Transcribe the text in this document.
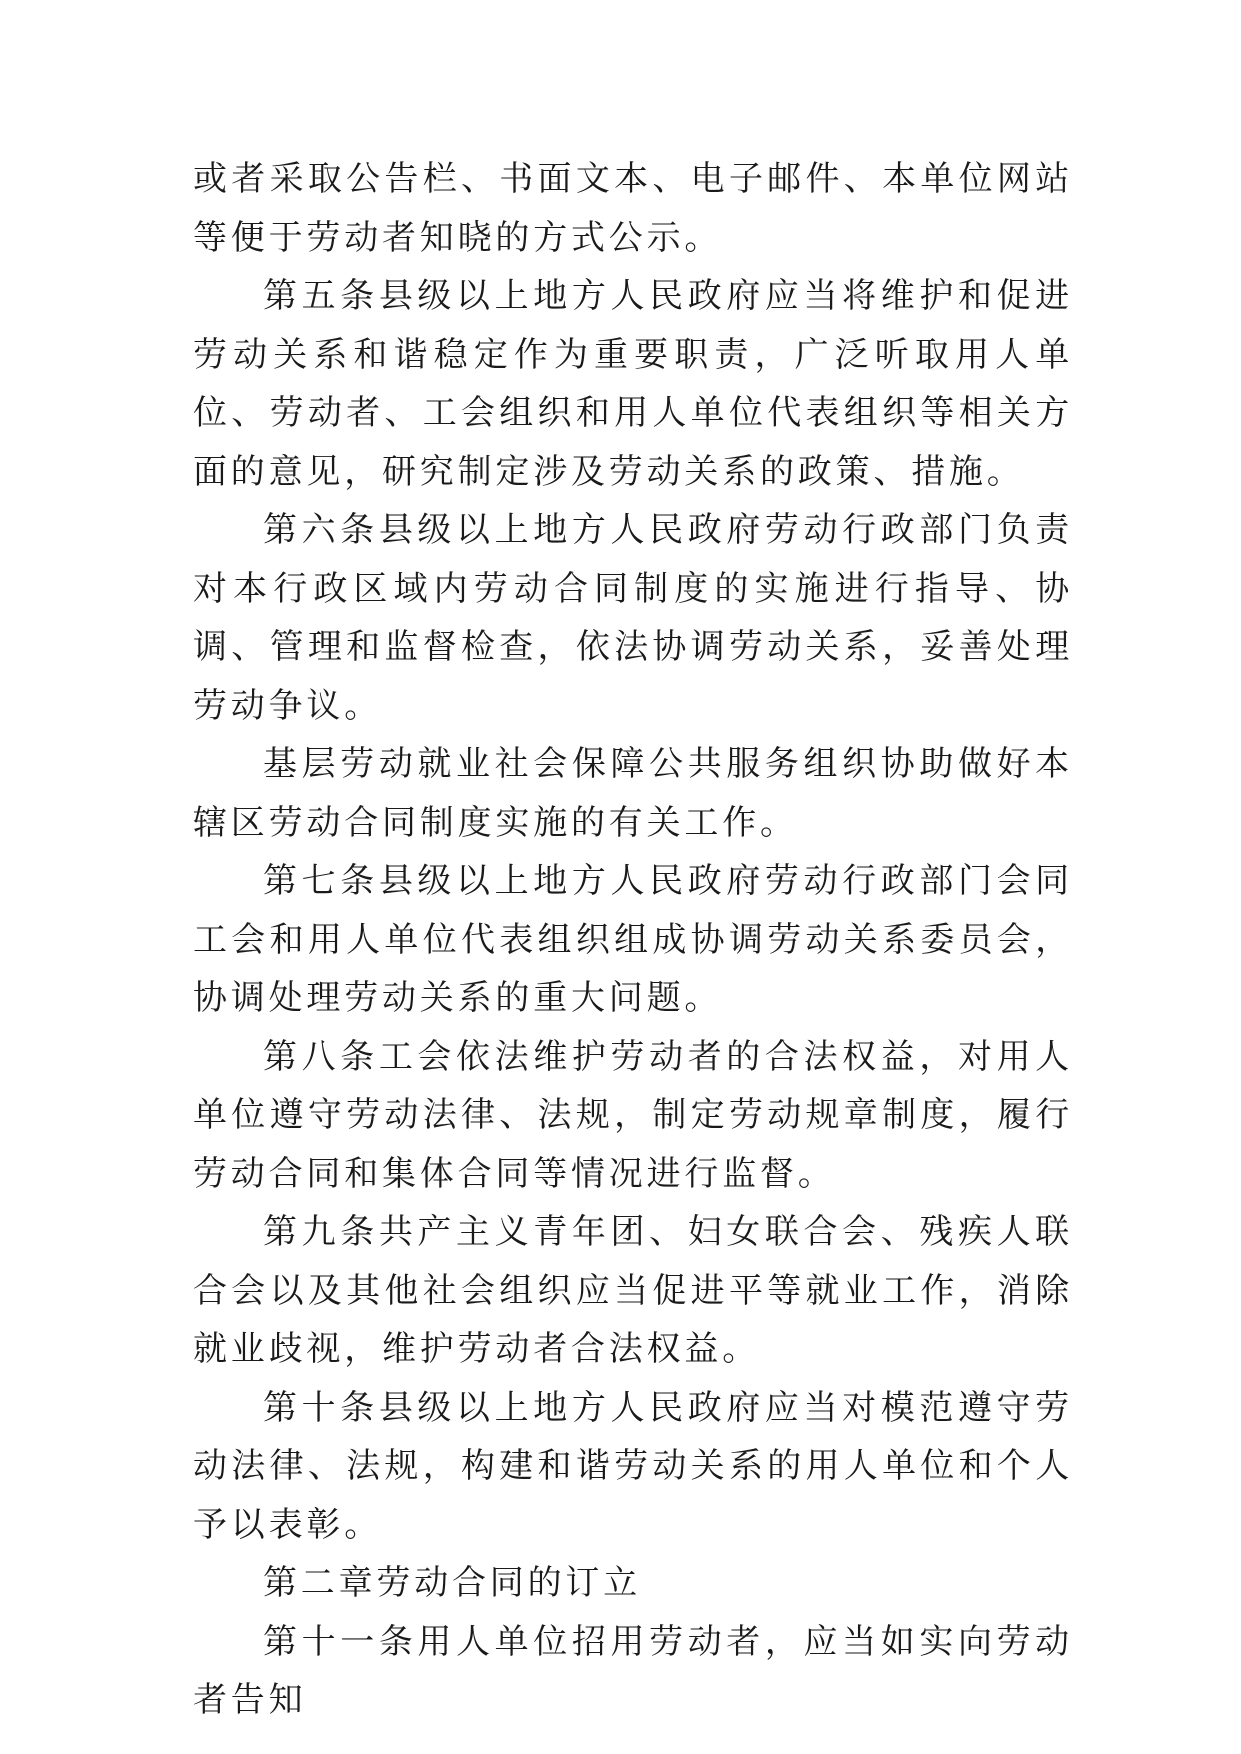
或者采取公告栏、书面文本、电子邮件、本单位网站等便于劳动者知晓的方式公示。

第五条县级以上地方人民政府应当将维护和促进劳动关系和谐稳定作为重要职责，广泛听取用人单位、劳动者、工会组织和用人单位代表组织等相关方面的意见，研究制定涉及劳动关系的政策、措施。

第六条县级以上地方人民政府劳动行政部门负责对本行政区域内劳动合同制度的实施进行指导、协调、管理和监督检查，依法协调劳动关系，妥善处理劳动争议。

基层劳动就业社会保障公共服务组织协助做好本辖区劳动合同制度实施的有关工作。

第七条县级以上地方人民政府劳动行政部门会同工会和用人单位代表组织组成协调劳动关系委员会，协调处理劳动关系的重大问题。

第八条工会依法维护劳动者的合法权益，对用人单位遵守劳动法律、法规，制定劳动规章制度，履行劳动合同和集体合同等情况进行监督。

第九条共产主义青年团、妇女联合会、残疾人联合会以及其他社会组织应当促进平等就业工作，消除就业歧视，维护劳动者合法权益。

第十条县级以上地方人民政府应当对模范遵守劳动法律、法规，构建和谐劳动关系的用人单位和个人予以表彰。

第二章劳动合同的订立

第十一条用人单位招用劳动者，应当如实向劳动者告知
